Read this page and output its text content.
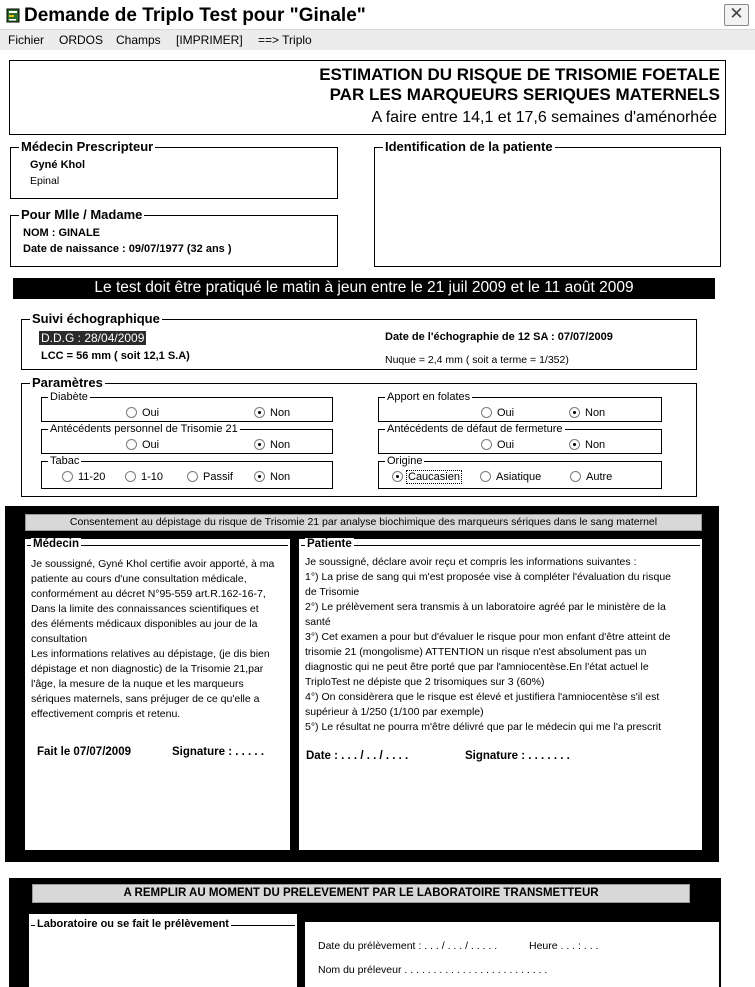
Demande de Triplo Test pour "Ginale"	✕
Fichier ORDOS Champs [IMPRIMER] ==> Triplo
ESTIMATION DU RISQUE DE TRISOMIE FOETALE
PAR LES MARQUEURS SERIQUES MATERNELS
A faire entre 14,1 et 17,6 semaines d'aménorhée
Médecin Prescripteur
Gyné Khol
Epinal
Identification de la patiente
Pour Mlle / Madame
NOM : GINALE
Date de naissance : 09/07/1977 (32 ans )
Le test doit être pratiqué le matin à jeun entre le 21 juil 2009 et le 11 août 2009
Suivi échographique
D.D.G : 28/04/2009
LCC = 56 mm ( soit 12,1 S.A)
Date de l'échographie de 12 SA : 07/07/2009
Nuque = 2,4 mm ( soit a terme = 1/352)
Paramètres
Diabète
Oui	Non
Antécédents personnel de Trisomie 21
Oui	Non
Tabac
11-20	1-10	Passif	Non
Apport en folates
Oui	Non
Antécédents de défaut de fermeture
Oui	Non
Origine
Caucasien	Asiatique	Autre
Consentement au dépistage du risque de Trisomie 21 par analyse biochimique des marqueurs sériques dans le sang maternel
Médecin
Je soussigné, Gyné Khol certifie avoir apporté, à ma
patiente au cours d'une consultation médicale,
conformément au décret N°95-559 art.R.162-16-7,
Dans la limite des connaissances scientifiques et
des éléments médicaux disponibles au jour de la
consultation
Les informations relatives au dépistage, (je dis bien
dépistage et non diagnostic) de la Trisomie 21,par
l'âge, la mesure de la nuque et les marqueurs
sériques maternels, sans préjuger de ce qu'elle a
effectivement compris et retenu.
Fait le 07/07/2009	Signature : . . . . .
Patiente
Je soussigné, déclare avoir reçu et compris les informations suivantes :
1°) La prise de sang qui m'est proposée vise à compléter l'évaluation du risque
de Trisomie
2°) Le prélèvement sera transmis à un laboratoire agréé par le ministère de la
santé
3°) Cet examen a pour but d'évaluer le risque pour mon enfant d'être atteint de
trisomie 21 (mongolisme) ATTENTION un risque n'est absolument pas un
diagnostic qui ne peut être porté que par l'amniocentèse.En l'état actuel le
TriploTest ne dépiste que 2 trisomiques sur 3 (60%)
4°) On considèrera que le risque est élevé et justifiera l'amniocentèse s'il est
supérieur à 1/250 (1/100 par exemple)
5°) Le résultat ne pourra m'être délivré que par le médecin qui me l'a prescrit
Date : . . . / . . / . . . .	Signature : . . . . . . .
A REMPLIR AU MOMENT DU PRELEVEMENT PAR LE LABORATOIRE TRANSMETTEUR
Laboratoire ou se fait le prélèvement
Date du prélèvement : . . . / . . . / . . . . .	Heure . . . : . . .
Nom du préleveur . . . . . . . . . . . . . . . . . . . . . . . . .
